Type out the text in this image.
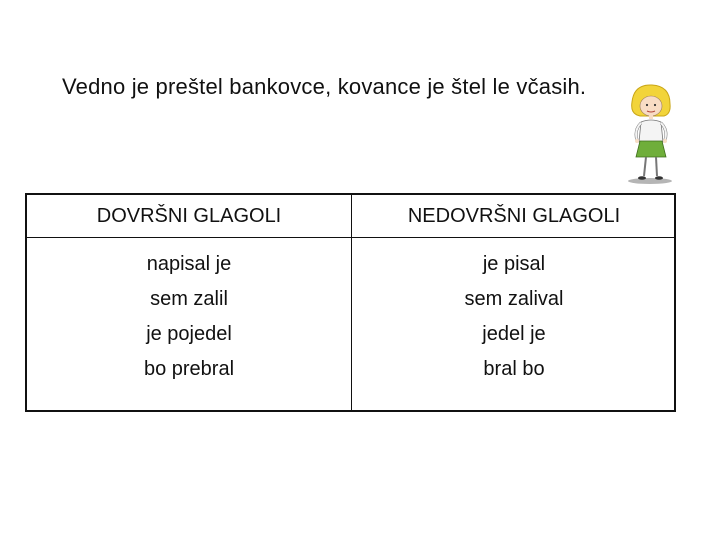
Vedno je preštel bankovce, kovance je štel le včasih.
DOVRŠNI GLAGOLI	NEDOVRŠNI GLAGOLI
napisal je
sem zalil
je pojedel
bo prebral
je pisal
sem zalival
jedel je
bral bo
